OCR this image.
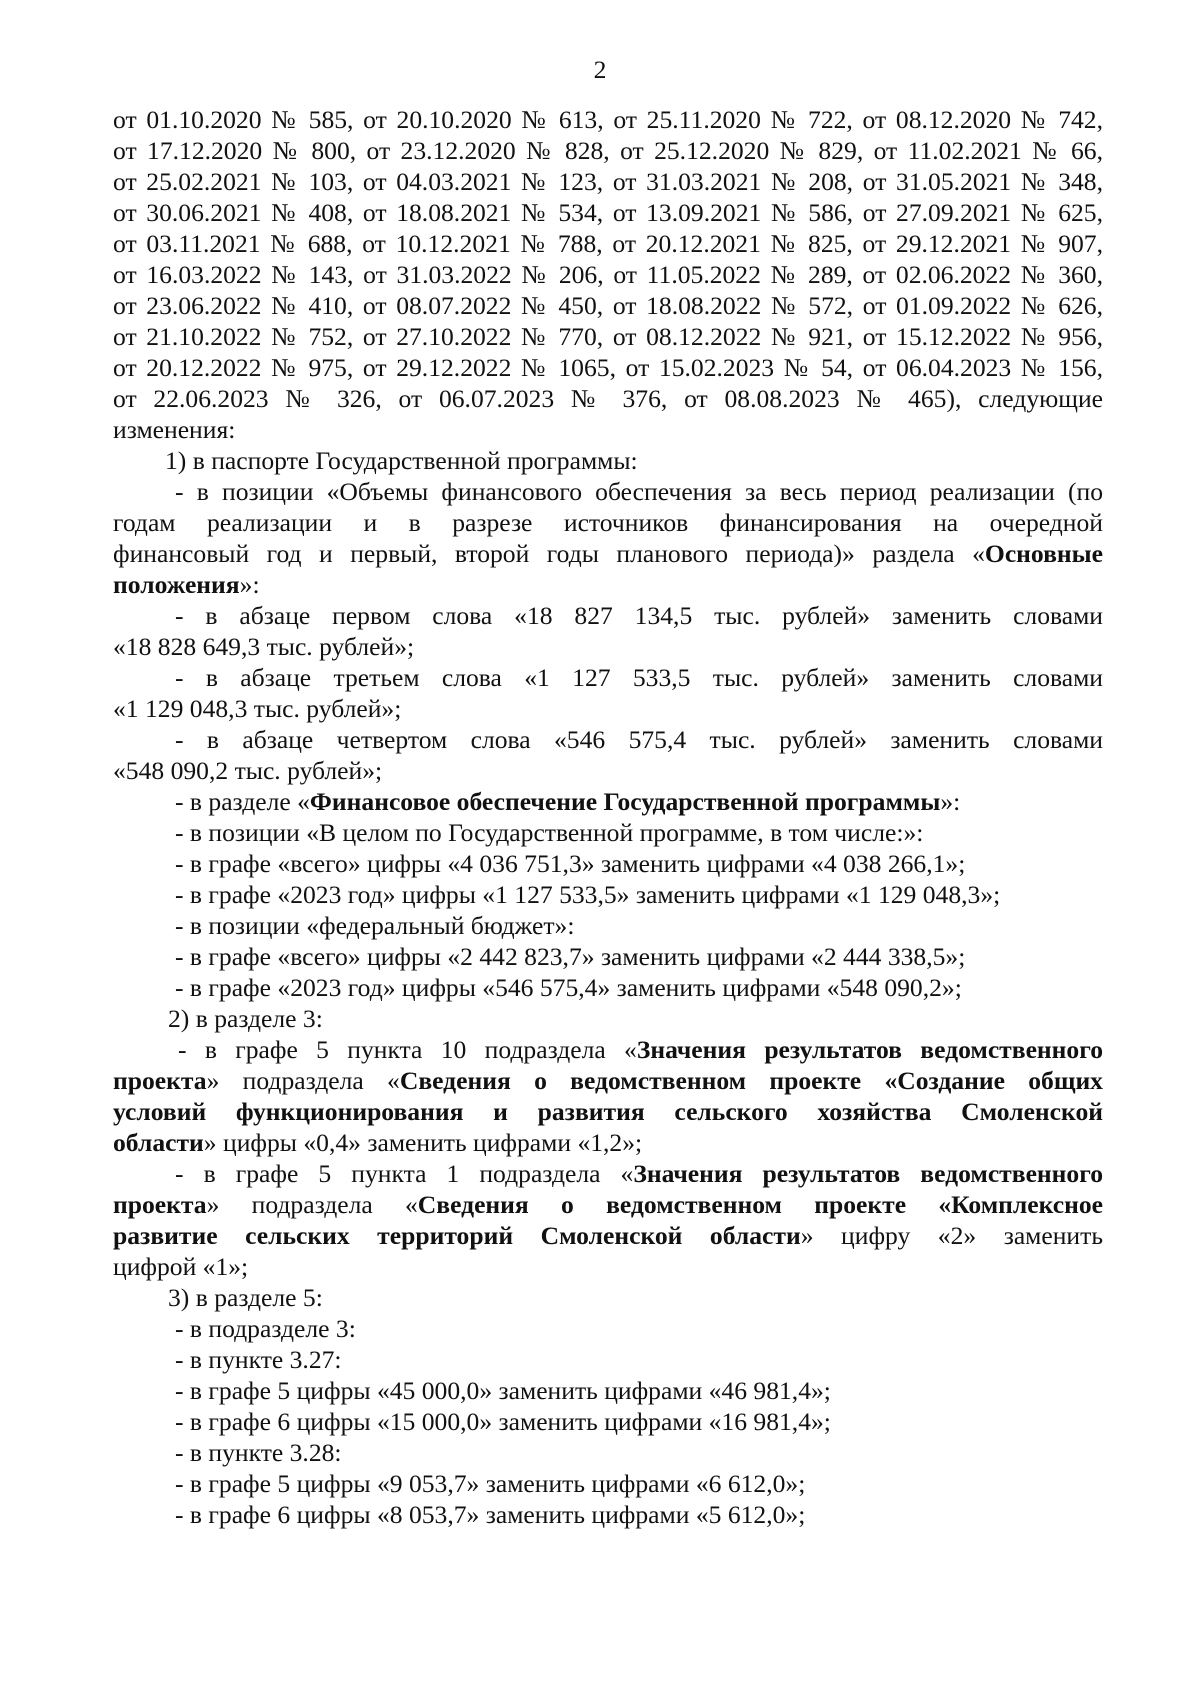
2
от 01.10.2020 № 585, от 20.10.2020 № 613, от 25.11.2020 № 722, от 08.12.2020 № 742,
от 17.12.2020 № 800, от 23.12.2020 № 828, от 25.12.2020 № 829, от 11.02.2021 № 66,
от 25.02.2021 № 103, от 04.03.2021 № 123, от 31.03.2021 № 208, от 31.05.2021 № 348,
от 30.06.2021 № 408, от 18.08.2021 № 534, от 13.09.2021 № 586, от 27.09.2021 № 625,
от 03.11.2021 № 688, от 10.12.2021 № 788, от 20.12.2021 № 825, от 29.12.2021 № 907,
от 16.03.2022 № 143, от 31.03.2022 № 206, от 11.05.2022 № 289, от 02.06.2022 № 360,
от 23.06.2022 № 410, от 08.07.2022 № 450, от 18.08.2022 № 572, от 01.09.2022 № 626,
от 21.10.2022 № 752, от 27.10.2022 № 770, от 08.12.2022 № 921, от 15.12.2022 № 956,
от 20.12.2022 № 975, от 29.12.2022 № 1065, от 15.02.2023 № 54, от 06.04.2023 № 156,
от 22.06.2023 № 326, от 06.07.2023 № 376, от 08.08.2023 № 465), следующие
изменения:
1) в паспорте Государственной программы:
- в позиции «Объемы финансового обеспечения за весь период реализации (по
годам реализации и в разрезе источников финансирования на очередной
финансовый год и первый, второй годы планового периода)» раздела «Основные
положения»:
- в абзаце первом слова «18 827 134,5 тыс. рублей» заменить словами
«18 828 649,3 тыс. рублей»;
- в абзаце третьем слова «1 127 533,5 тыс. рублей» заменить словами
«1 129 048,3 тыс. рублей»;
- в абзаце четвертом слова «546 575,4 тыс. рублей» заменить словами
«548 090,2 тыс. рублей»;
- в разделе «Финансовое обеспечение Государственной программы»:
- в позиции «В целом по Государственной программе, в том числе:»:
- в графе «всего» цифры «4 036 751,3» заменить цифрами «4 038 266,1»;
- в графе «2023 год» цифры «1 127 533,5» заменить цифрами «1 129 048,3»;
- в позиции «федеральный бюджет»:
- в графе «всего» цифры «2 442 823,7» заменить цифрами «2 444 338,5»;
- в графе «2023 год» цифры «546 575,4» заменить цифрами «548 090,2»;
2) в разделе 3:
- в графе 5 пункта 10 подраздела «Значения результатов ведомственного
проекта» подраздела «Сведения о ведомственном проекте «Создание общих
условий функционирования и развития сельского хозяйства Смоленской
области» цифры «0,4» заменить цифрами «1,2»;
- в графе 5 пункта 1 подраздела «Значения результатов ведомственного
проекта» подраздела «Сведения о ведомственном проекте «Комплексное
развитие сельских территорий Смоленской области» цифру «2» заменить
цифрой «1»;
3) в разделе 5:
- в подразделе 3:
- в пункте 3.27:
- в графе 5 цифры «45 000,0» заменить цифрами «46 981,4»;
- в графе 6 цифры «15 000,0» заменить цифрами «16 981,4»;
- в пункте 3.28:
- в графе 5 цифры «9 053,7» заменить цифрами «6 612,0»;
- в графе 6 цифры «8 053,7» заменить цифрами «5 612,0»;
